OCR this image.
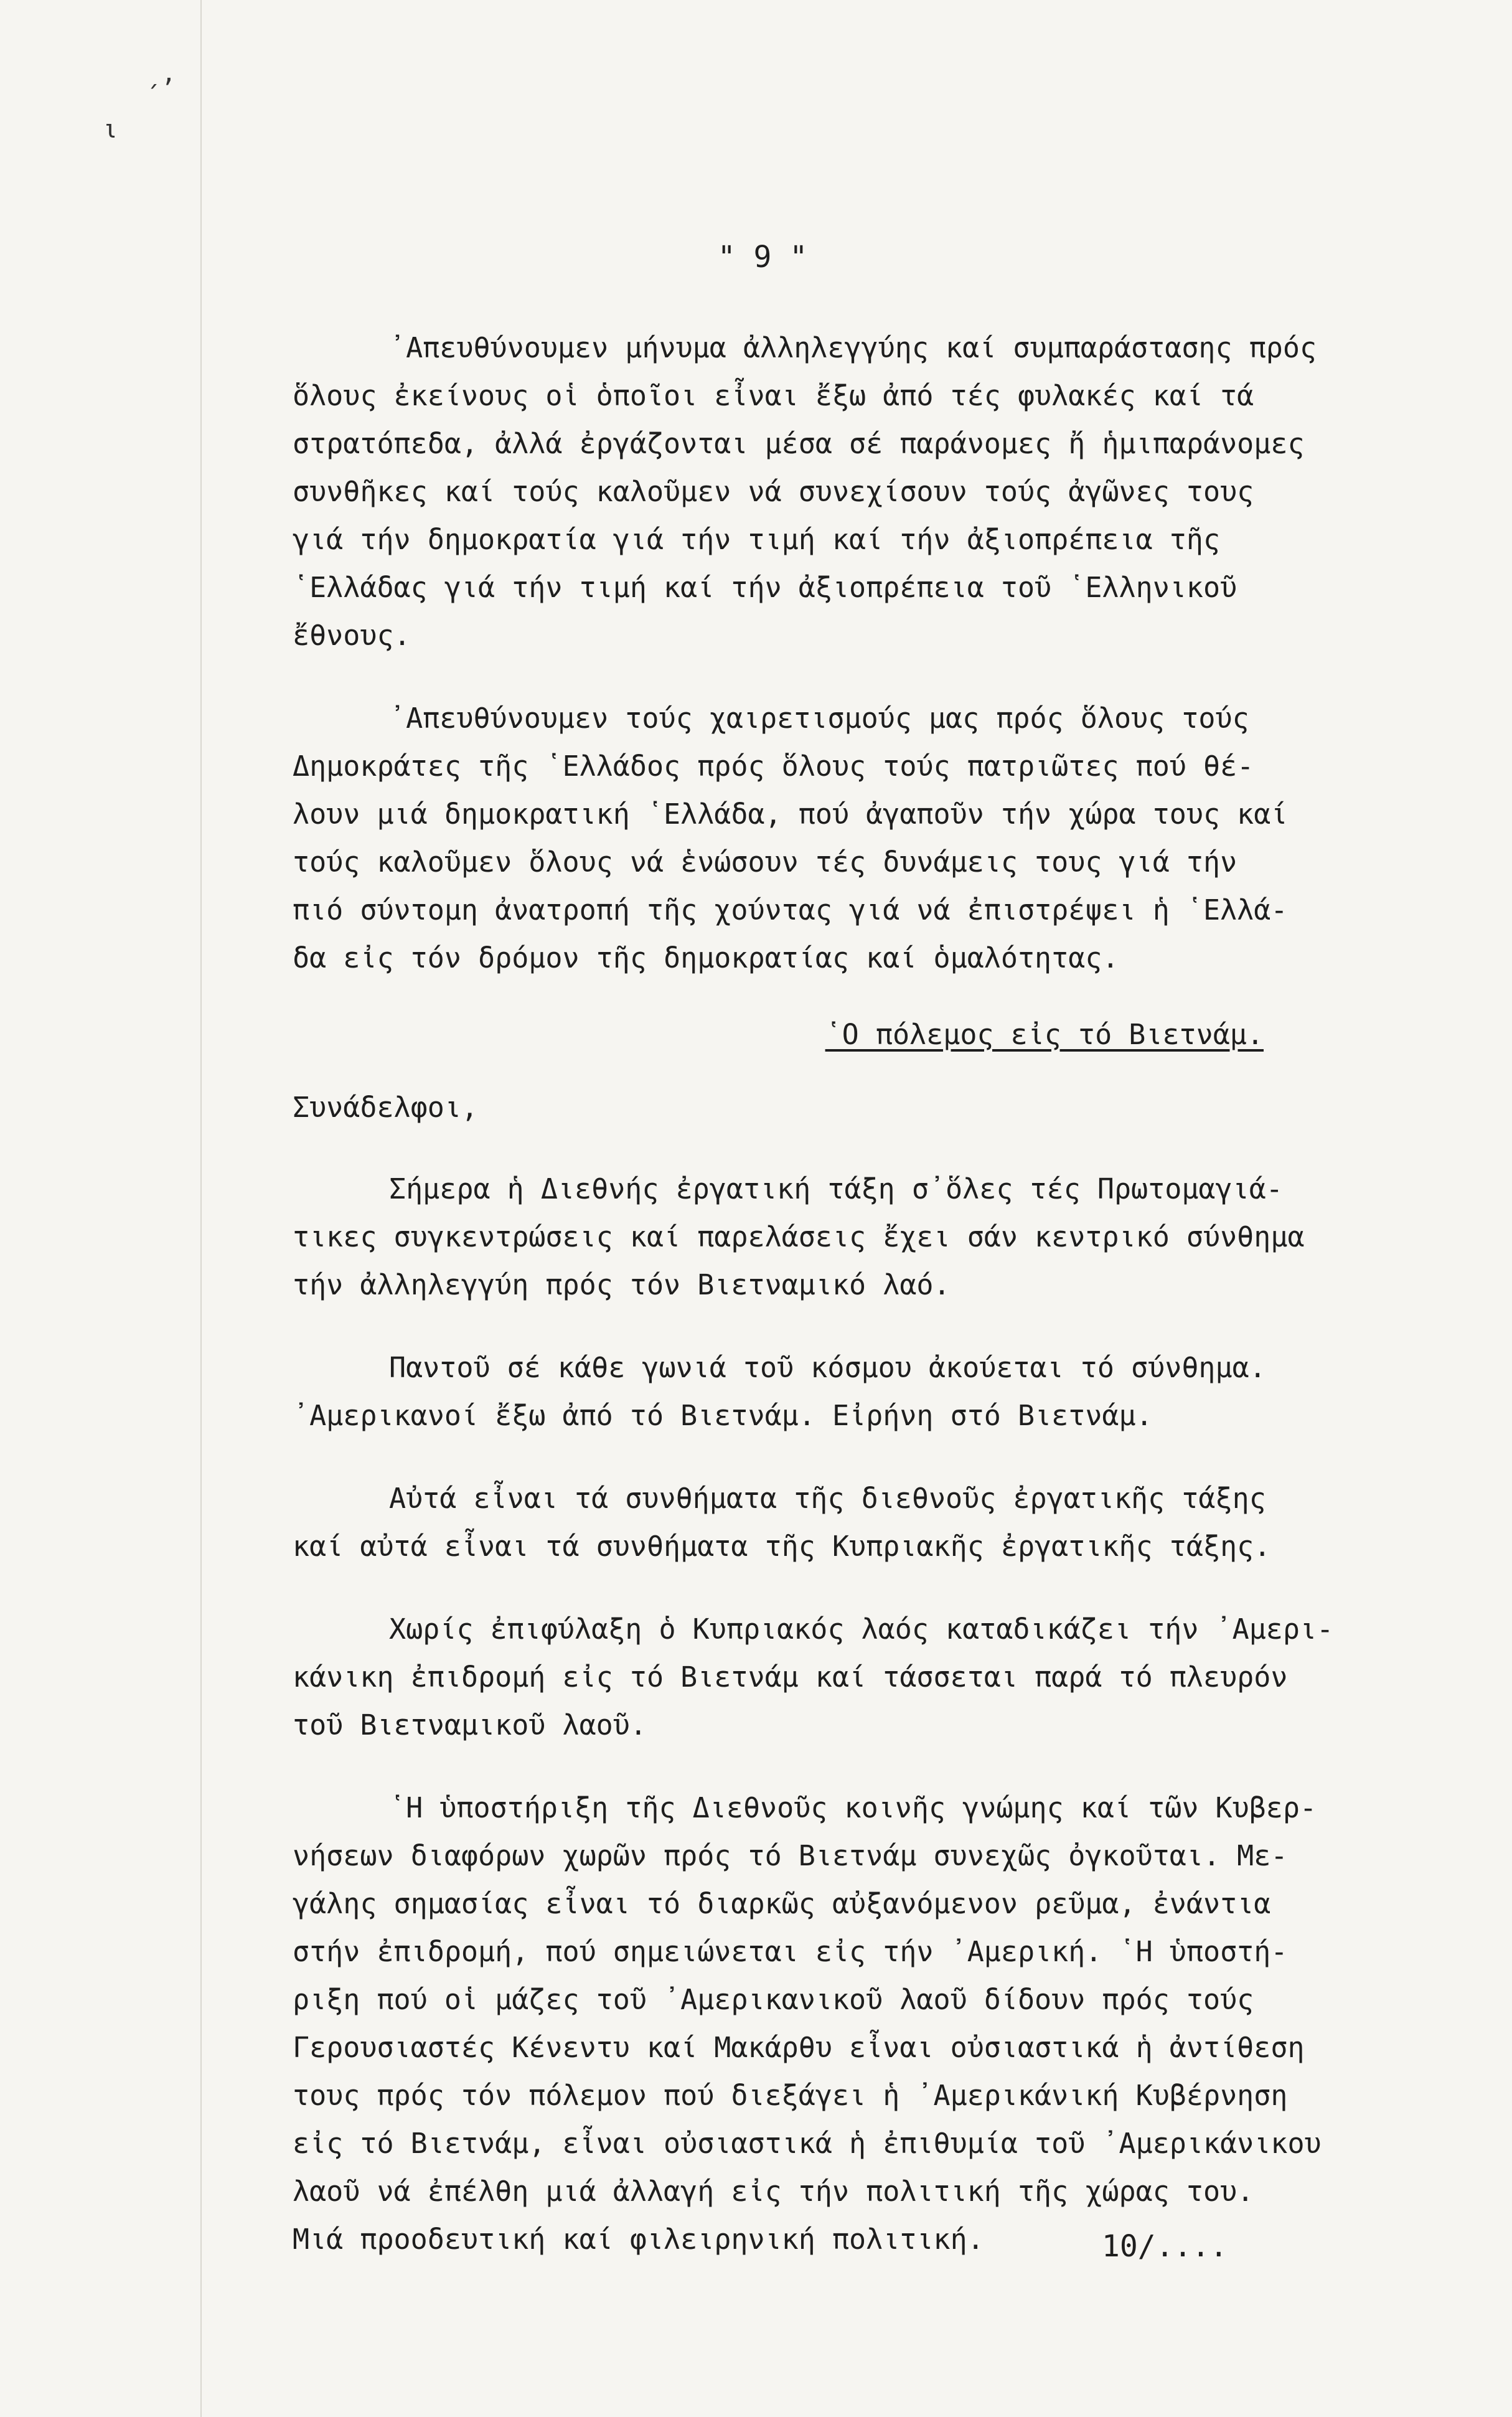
ˏ,
ι
" 9 "
᾽Απευθύνουμεν μήνυμα ἀλληλεγγύης καί συμπαράστασης πρός
ὅλους ἐκείνους οἱ ὁποῖοι εἶναι ἔξω ἀπό τές φυλακές καί τά
στρατόπεδα, ἀλλά ἐργάζονται μέσα σέ παράνομες ἤ ἡμιπαράνομες
συνθῆκες καί τούς καλοῦμεν νά συνεχίσουν τούς ἀγῶνες τους
γιά τήν δημοκρατία γιά τήν τιμή καί τήν ἀξιοπρέπεια τῆς
῾Ελλάδας γιά τήν τιμή καί τήν ἀξιοπρέπεια τοῦ ῾Ελληνικοῦ
ἔθνους.
᾽Απευθύνουμεν τούς χαιρετισμούς μας πρός ὅλους τούς
Δημοκράτες τῆς ῾Ελλάδος πρός ὅλους τούς πατριῶτες πού θέ-
λουν μιά δημοκρατική ῾Ελλάδα, πού ἀγαποῦν τήν χώρα τους καί
τούς καλοῦμεν ὅλους νά ἑνώσουν τές δυνάμεις τους γιά τήν
πιό σύντομη ἀνατροπή τῆς χούντας γιά νά ἐπιστρέψει ἡ ῾Ελλά-
δα εἰς τόν δρόμον τῆς δημοκρατίας καί ὁμαλότητας.
῾Ο πόλεμος εἰς τό Βιετνάμ.
Συνάδελφοι,
Σήμερα ἡ Διεθνής ἐργατική τάξη σ᾽ὅλες τές Πρωτομαγιά-
τικες συγκεντρώσεις καί παρελάσεις ἔχει σάν κεντρικό σύνθημα
τήν ἀλληλεγγύη πρός τόν Βιετναμικό λαό.
Παντοῦ σέ κάθε γωνιά τοῦ κόσμου ἀκούεται τό σύνθημα.
᾽Αμερικανοί ἔξω ἀπό τό Βιετνάμ. Εἰρήνη στό Βιετνάμ.
Αὐτά εἶναι τά συνθήματα τῆς διεθνοῦς ἐργατικῆς τάξης
καί αὐτά εἶναι τά συνθήματα τῆς Κυπριακῆς ἐργατικῆς τάξης.
Χωρίς ἐπιφύλαξη ὁ Κυπριακός λαός καταδικάζει τήν ᾽Αμερι-
κάνικη ἐπιδρομή εἰς τό Βιετνάμ καί τάσσεται παρά τό πλευρόν
τοῦ Βιετναμικοῦ λαοῦ.
῾Η ὑποστήριξη τῆς Διεθνοῦς κοινῆς γνώμης καί τῶν Κυβερ-
νήσεων διαφόρων χωρῶν πρός τό Βιετνάμ συνεχῶς ὀγκοῦται. Με-
γάλης σημασίας εἶναι τό διαρκῶς αὐξανόμενον ρεῦμα, ἐνάντια
στήν ἐπιδρομή, πού σημειώνεται εἰς τήν ᾽Αμερική. ῾Η ὑποστή-
ριξη πού οἱ μάζες τοῦ ᾽Αμερικανικοῦ λαοῦ δίδουν πρός τούς
Γερουσιαστές Κένεντυ καί Μακάρθυ εἶναι οὐσιαστικά ἡ ἀντίθεση
τους πρός τόν πόλεμον πού διεξάγει ἡ ᾽Αμερικάνική Κυβέρνηση
εἰς τό Βιετνάμ, εἶναι οὐσιαστικά ἡ ἐπιθυμία τοῦ ᾽Αμερικάνικου
λαοῦ νά ἐπέλθη μιά ἀλλαγή εἰς τήν πολιτική τῆς χώρας του.
Μιά προοδευτική καί φιλειρηνική πολιτική.	10/....
